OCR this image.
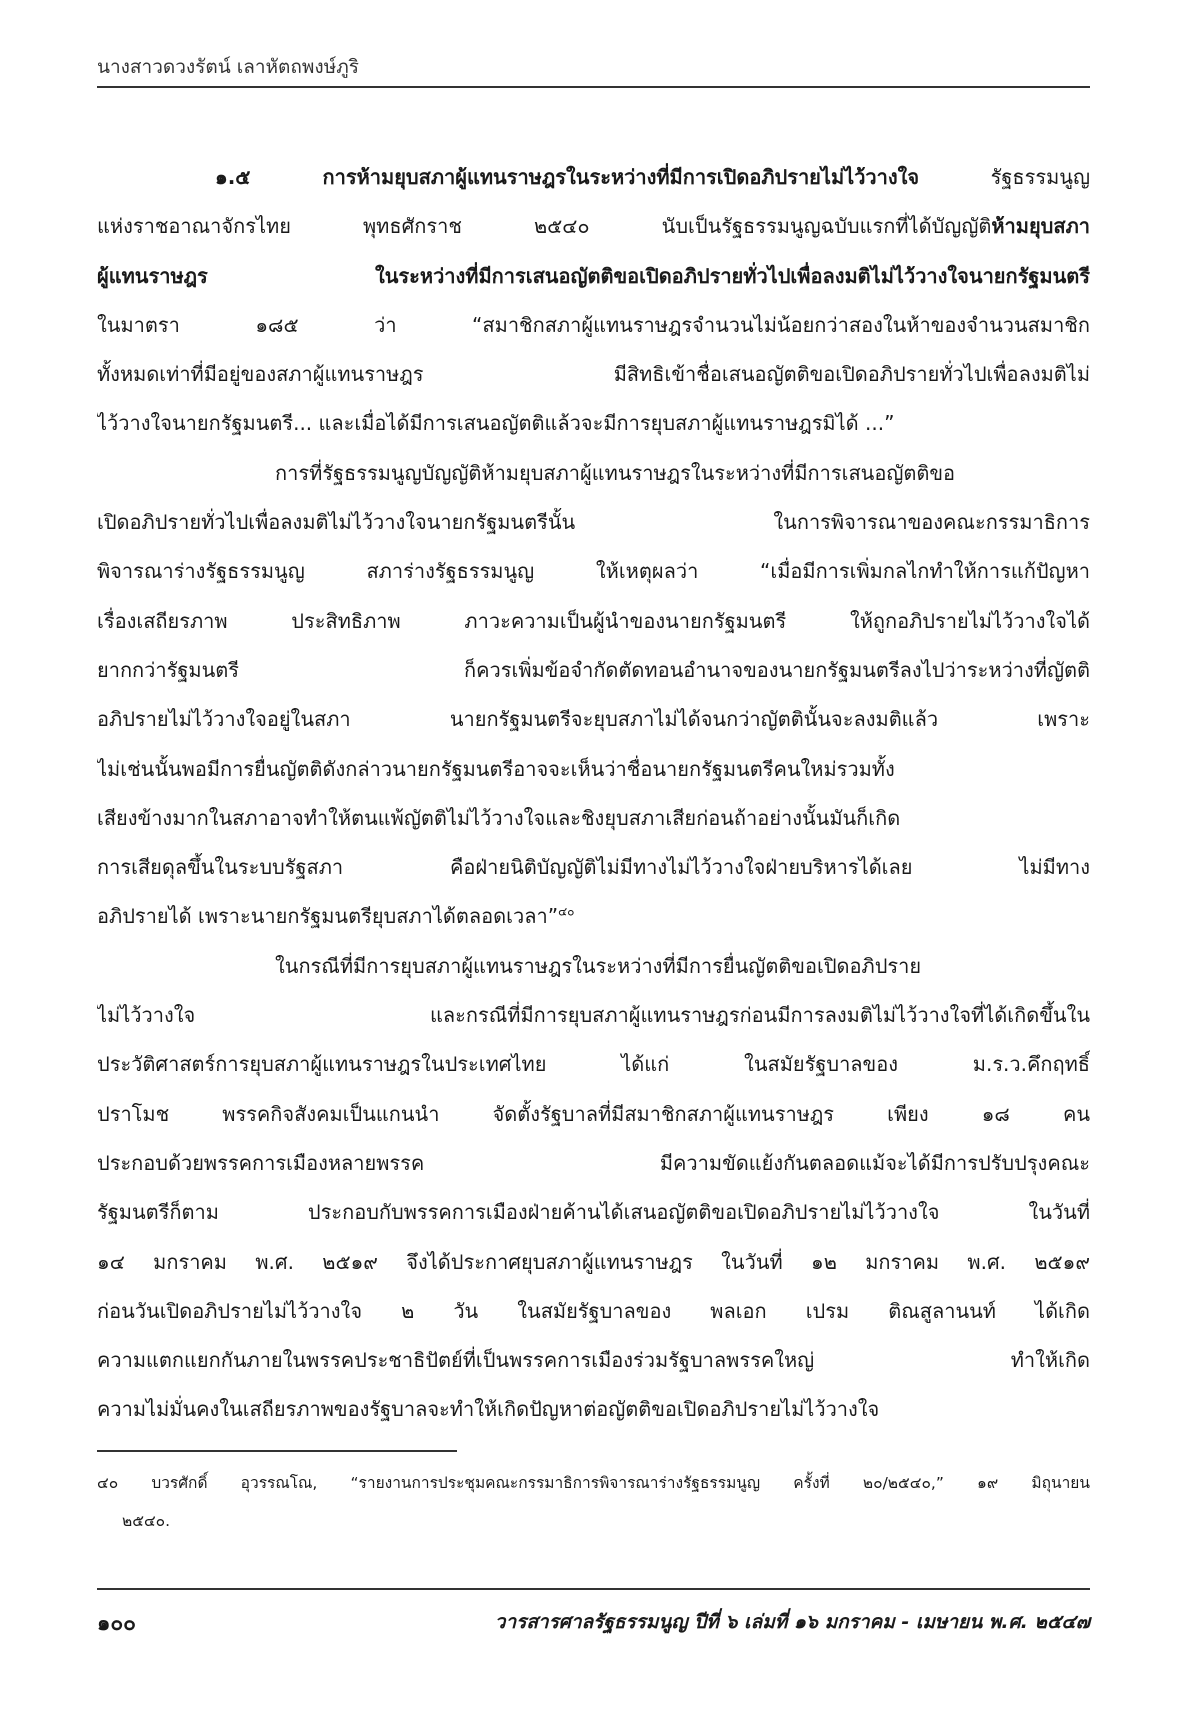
นางสาวดวงรัตน์ เลาหัตถพงษ์ภูริ
๑.๕ การห้ามยุบสภาผู้แทนราษฎรในระหว่างที่มีการเปิดอภิปรายไม่ไว้วางใจ รัฐธรรมนูญ
แห่งราชอาณาจักรไทย พุทธศักราช ๒๕๔๐ นับเป็นรัฐธรรมนูญฉบับแรกที่ได้บัญญัติห้ามยุบสภา
ผู้แทนราษฎร ในระหว่างที่มีการเสนอญัตติขอเปิดอภิปรายทั่วไปเพื่อลงมติไม่ไว้วางใจนายกรัฐมนตรี
ในมาตรา ๑๘๕ ว่า “สมาชิกสภาผู้แทนราษฎรจำนวนไม่น้อยกว่าสองในห้าของจำนวนสมาชิก
ทั้งหมดเท่าที่มีอยู่ของสภาผู้แทนราษฎร มีสิทธิเข้าชื่อเสนอญัตติขอเปิดอภิปรายทั่วไปเพื่อลงมติไม่
ไว้วางใจนายกรัฐมนตรี... และเมื่อได้มีการเสนอญัตติแล้วจะมีการยุบสภาผู้แทนราษฎรมิได้ ...”
การที่รัฐธรรมนูญบัญญัติห้ามยุบสภาผู้แทนราษฎรในระหว่างที่มีการเสนอญัตติขอ
เปิดอภิปรายทั่วไปเพื่อลงมติไม่ไว้วางใจนายกรัฐมนตรีนั้น ในการพิจารณาของคณะกรรมาธิการ
พิจารณาร่างรัฐธรรมนูญ สภาร่างรัฐธรรมนูญ ให้เหตุผลว่า “เมื่อมีการเพิ่มกลไกทำให้การแก้ปัญหา
เรื่องเสถียรภาพ ประสิทธิภาพ ภาวะความเป็นผู้นำของนายกรัฐมนตรี ให้ถูกอภิปรายไม่ไว้วางใจได้
ยากกว่ารัฐมนตรี ก็ควรเพิ่มข้อจำกัดตัดทอนอำนาจของนายกรัฐมนตรีลงไปว่าระหว่างที่ญัตติ
อภิปรายไม่ไว้วางใจอยู่ในสภา นายกรัฐมนตรีจะยุบสภาไม่ได้จนกว่าญัตตินั้นจะลงมติแล้ว เพราะ
ไม่เช่นนั้นพอมีการยื่นญัตติดังกล่าวนายกรัฐมนตรีอาจจะเห็นว่าชื่อนายกรัฐมนตรีคนใหม่รวมทั้ง
เสียงข้างมากในสภาอาจทำให้ตนแพ้ญัตติไม่ไว้วางใจและชิงยุบสภาเสียก่อนถ้าอย่างนั้นมันก็เกิด
การเสียดุลขึ้นในระบบรัฐสภา คือฝ่ายนิติบัญญัติไม่มีทางไม่ไว้วางใจฝ่ายบริหารได้เลย ไม่มีทาง
อภิปรายได้ เพราะนายกรัฐมนตรียุบสภาได้ตลอดเวลา”$^{๔๐}$
ในกรณีที่มีการยุบสภาผู้แทนราษฎรในระหว่างที่มีการยื่นญัตติขอเปิดอภิปราย
ไม่ไว้วางใจ และกรณีที่มีการยุบสภาผู้แทนราษฎรก่อนมีการลงมติไม่ไว้วางใจที่ได้เกิดขึ้นใน
ประวัติศาสตร์การยุบสภาผู้แทนราษฎรในประเทศไทย ได้แก่ ในสมัยรัฐบาลของ ม.ร.ว.คึกฤทธิ์
ปราโมช พรรคกิจสังคมเป็นแกนนำ จัดตั้งรัฐบาลที่มีสมาชิกสภาผู้แทนราษฎร เพียง ๑๘ คน
ประกอบด้วยพรรคการเมืองหลายพรรค มีความขัดแย้งกันตลอดแม้จะได้มีการปรับปรุงคณะ
รัฐมนตรีก็ตาม ประกอบกับพรรคการเมืองฝ่ายค้านได้เสนอญัตติขอเปิดอภิปรายไม่ไว้วางใจ ในวันที่
๑๔ มกราคม พ.ศ. ๒๕๑๙ จึงได้ประกาศยุบสภาผู้แทนราษฎร ในวันที่ ๑๒ มกราคม พ.ศ. ๒๕๑๙
ก่อนวันเปิดอภิปรายไม่ไว้วางใจ ๒ วัน ในสมัยรัฐบาลของ พลเอก เปรม ติณสูลานนท์ ได้เกิด
ความแตกแยกกันภายในพรรคประชาธิปัตย์ที่เป็นพรรคการเมืองร่วมรัฐบาลพรรคใหญ่ ทำให้เกิด
ความไม่มั่นคงในเสถียรภาพของรัฐบาลจะทำให้เกิดปัญหาต่อญัตติขอเปิดอภิปรายไม่ไว้วางใจ
๔๐ บวรศักดิ์ อุวรรณโณ, “รายงานการประชุมคณะกรรมาธิการพิจารณาร่างรัฐธรรมนูญ ครั้งที่ ๒๐/๒๕๔๐,” ๑๙ มิถุนายน
๒๕๔๐.
๑๐๐	วารสารศาลรัฐธรรมนูญ ปีที่ ๖ เล่มที่ ๑๖ มกราคม - เมษายน พ.ศ. ๒๕๔๗
